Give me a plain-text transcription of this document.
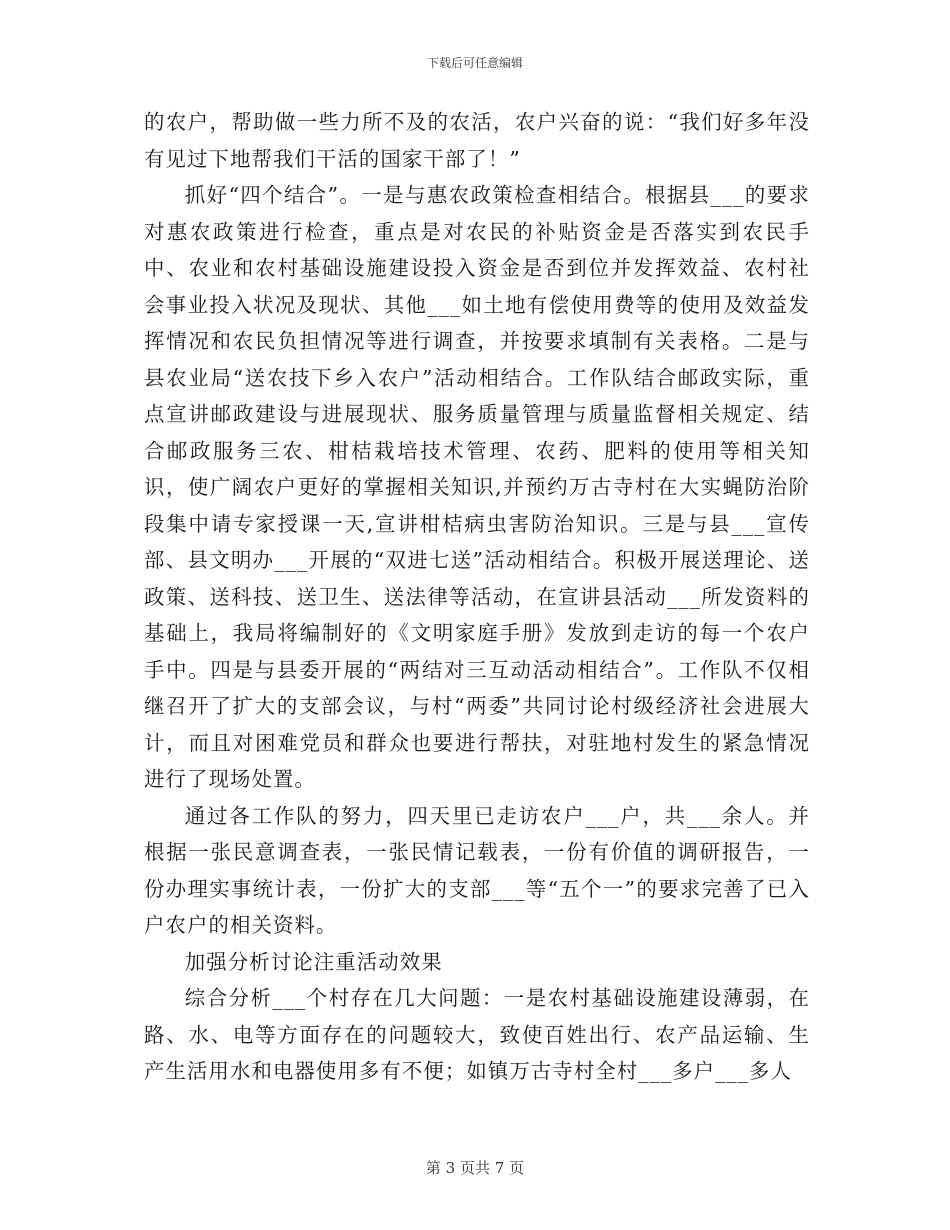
下载后可任意编辑

的农户，帮助做一些力所不及的农活，农户兴奋的说：“我们好多年没有见过下地帮我们干活的国家干部了！”

抓好“四个结合”。一是与惠农政策检查相结合。根据县___的要求对惠农政策进行检查，重点是对农民的补贴资金是否落实到农民手中、农业和农村基础设施建设投入资金是否到位并发挥效益、农村社会事业投入状况及现状、其他___如土地有偿使用费等的使用及效益发挥情况和农民负担情况等进行调查，并按要求填制有关表格。二是与县农业局“送农技下乡入农户”活动相结合。工作队结合邮政实际，重点宣讲邮政建设与进展现状、服务质量管理与质量监督相关规定、结合邮政服务三农、柑桔栽培技术管理、农药、肥料的使用等相关知识，使广阔农户更好的掌握相关知识,并预约万古寺村在大实蝇防治阶段集中请专家授课一天,宣讲柑桔病虫害防治知识。三是与县___宣传部、县文明办___开展的“双进七送”活动相结合。积极开展送理论、送政策、送科技、送卫生、送法律等活动，在宣讲县活动___所发资料的基础上，我局将编制好的《文明家庭手册》发放到走访的每一个农户手中。四是与县委开展的“两结对三互动活动相结合”。工作队不仅相继召开了扩大的支部会议，与村“两委”共同讨论村级经济社会进展大计，而且对困难党员和群众也要进行帮扶，对驻地村发生的紧急情况进行了现场处置。

通过各工作队的努力，四天里已走访农户___户，共___余人。并根据一张民意调查表，一张民情记载表，一份有价值的调研报告，一份办理实事统计表，一份扩大的支部___等“五个一”的要求完善了已入户农户的相关资料。

加强分析讨论注重活动效果

综合分析___个村存在几大问题：一是农村基础设施建设薄弱，在路、水、电等方面存在的问题较大，致使百姓出行、农产品运输、生产生活用水和电器使用多有不便；如镇万古寺村全村___多户___多人

第 3 页共 7 页
